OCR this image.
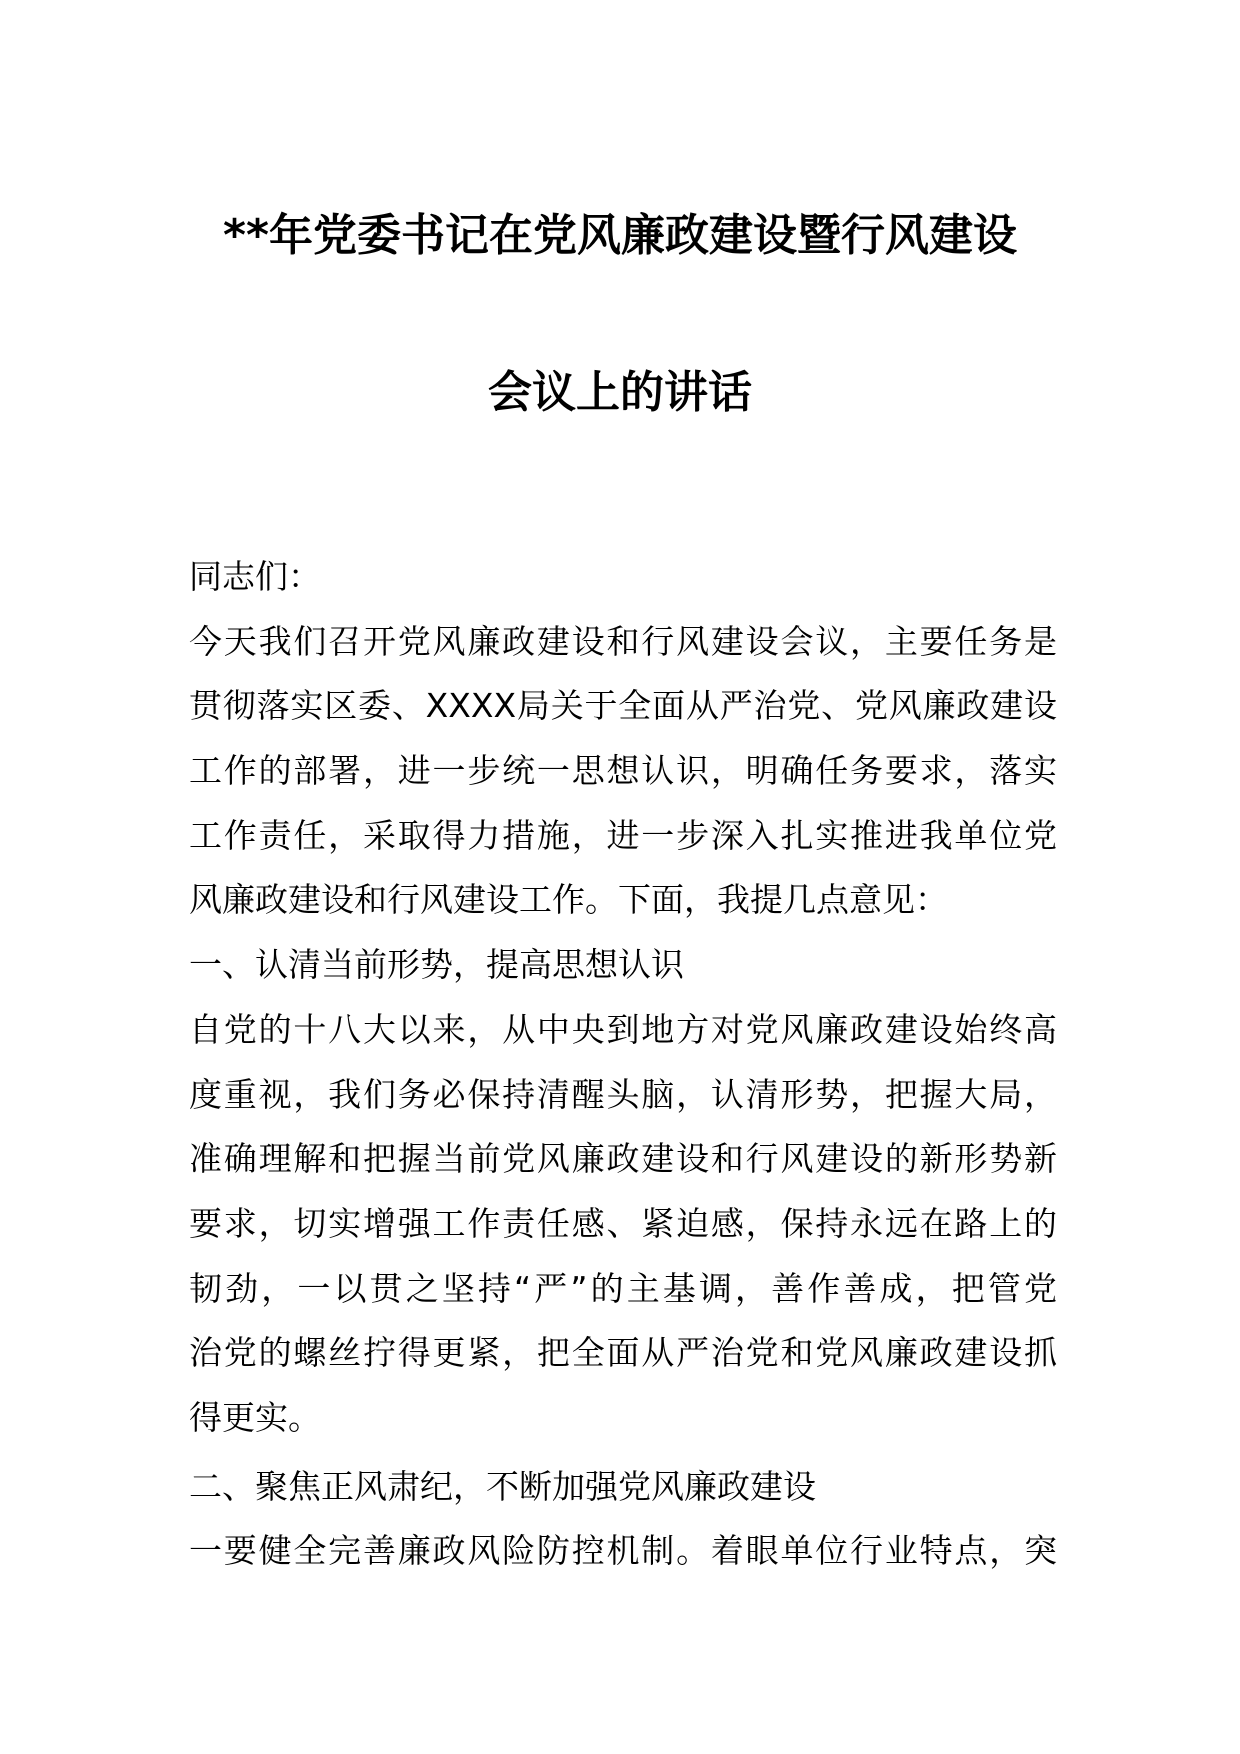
**年党委书记在党风廉政建设暨行风建设
会议上的讲话
同志们：
今天我们召开党风廉政建设和行风建设会议，主要任务是
贯彻落实区委、XXXX局关于全面从严治党、党风廉政建设
工作的部署，进一步统一思想认识，明确任务要求，落实
工作责任，采取得力措施，进一步深入扎实推进我单位党
风廉政建设和行风建设工作。下面，我提几点意见：
一、认清当前形势，提高思想认识
自党的十八大以来，从中央到地方对党风廉政建设始终高
度重视，我们务必保持清醒头脑，认清形势，把握大局，
准确理解和把握当前党风廉政建设和行风建设的新形势新
要求，切实增强工作责任感、紧迫感，保持永远在路上的
韧劲，一以贯之坚持“严”的主基调，善作善成，把管党
治党的螺丝拧得更紧，把全面从严治党和党风廉政建设抓
得更实。
二、聚焦正风肃纪，不断加强党风廉政建设
一要健全完善廉政风险防控机制。着眼单位行业特点，突
